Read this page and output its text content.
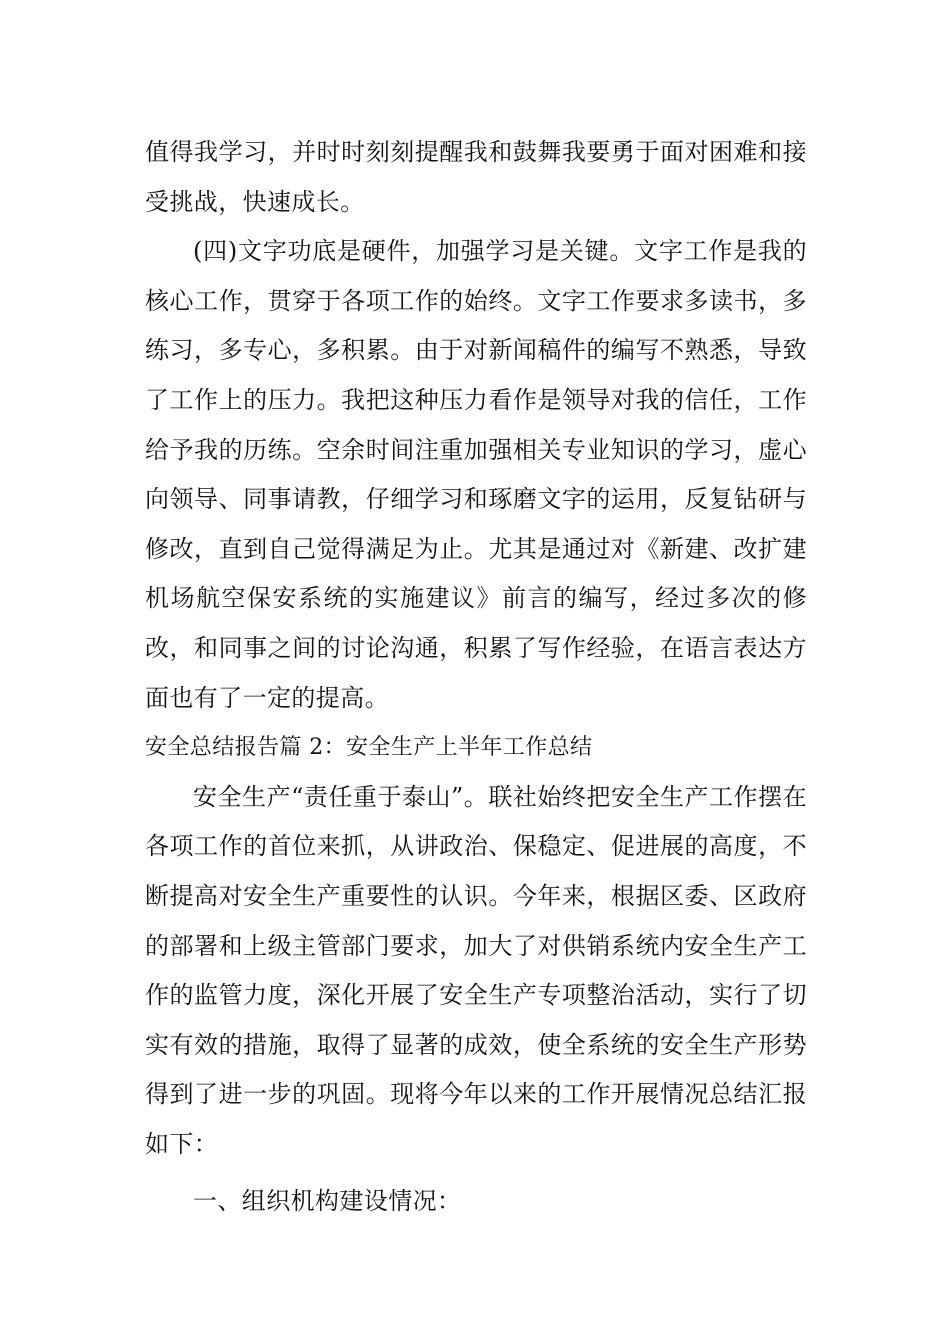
值得我学习，并时时刻刻提醒我和鼓舞我要勇于面对困难和接受挑战，快速成长。

(四)文字功底是硬件，加强学习是关键。文字工作是我的核心工作，贯穿于各项工作的始终。文字工作要求多读书，多练习，多专心，多积累。由于对新闻稿件的编写不熟悉，导致了工作上的压力。我把这种压力看作是领导对我的信任，工作给予我的历练。空余时间注重加强相关专业知识的学习，虚心向领导、同事请教，仔细学习和琢磨文字的运用，反复钻研与修改，直到自己觉得满足为止。尤其是通过对《新建、改扩建机场航空保安系统的实施建议》前言的编写，经过多次的修改，和同事之间的讨论沟通，积累了写作经验，在语言表达方面也有了一定的提高。

安全总结报告篇 2：安全生产上半年工作总结

安全生产“责任重于泰山”。联社始终把安全生产工作摆在各项工作的首位来抓，从讲政治、保稳定、促进展的高度，不断提高对安全生产重要性的认识。今年来，根据区委、区政府的部署和上级主管部门要求，加大了对供销系统内安全生产工作的监管力度，深化开展了安全生产专项整治活动，实行了切实有效的措施，取得了显著的成效，使全系统的安全生产形势得到了进一步的巩固。现将今年以来的工作开展情况总结汇报如下：

一、组织机构建设情况：
